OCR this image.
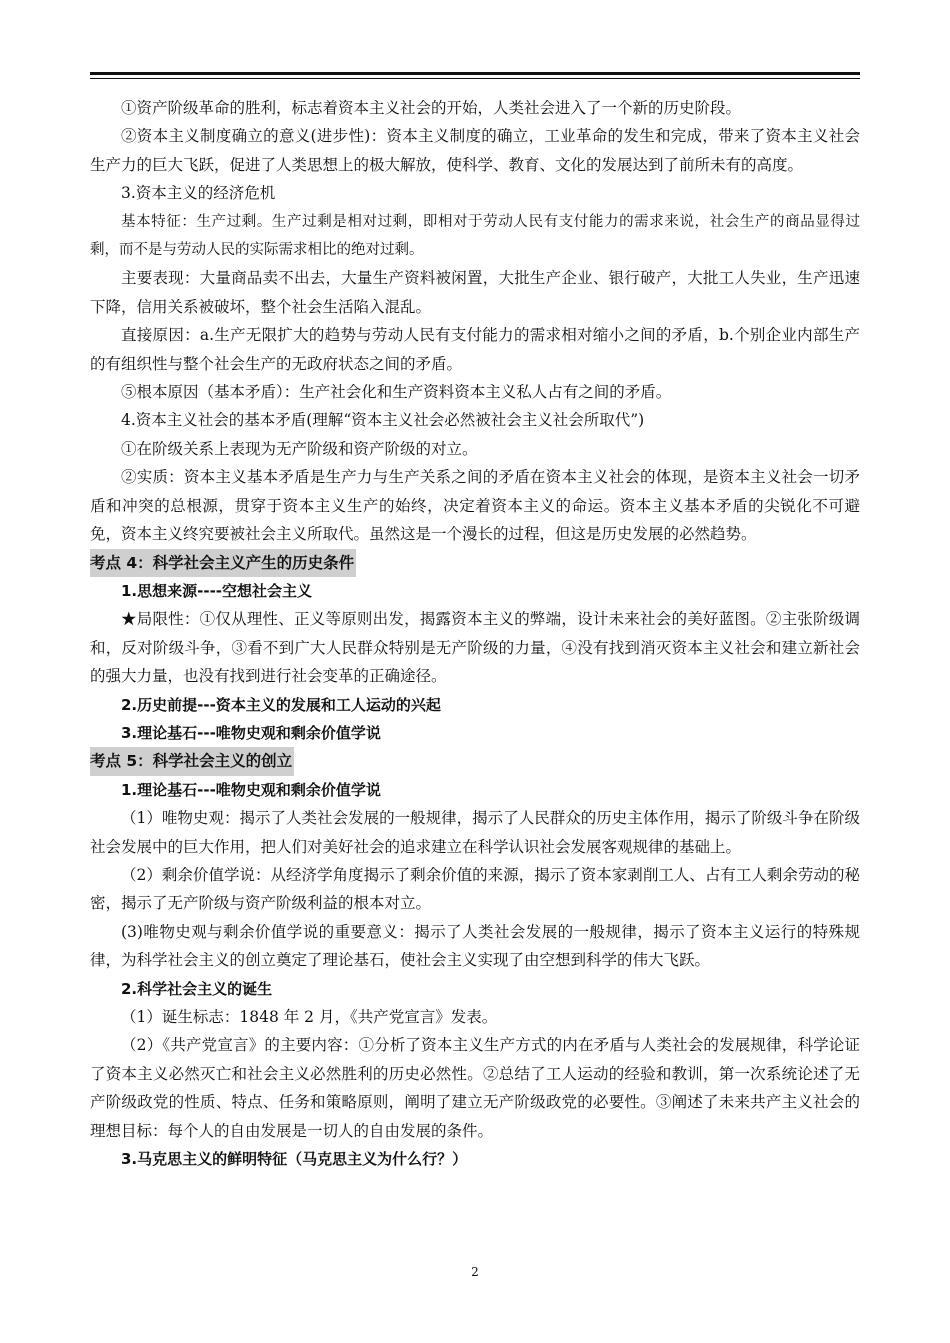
①资产阶级革命的胜利，标志着资本主义社会的开始，人类社会进入了一个新的历史阶段。

②资本主义制度确立的意义(进步性)：资本主义制度的确立，工业革命的发生和完成，带来了资本主义社会生产力的巨大飞跃，促进了人类思想上的极大解放，使科学、教育、文化的发展达到了前所未有的高度。

3.资本主义的经济危机

基本特征：生产过剩。生产过剩是相对过剩，即相对于劳动人民有支付能力的需求来说，社会生产的商品显得过剩，而不是与劳动人民的实际需求相比的绝对过剩。

主要表现：大量商品卖不出去，大量生产资料被闲置，大批生产企业、银行破产，大批工人失业，生产迅速下降，信用关系被破坏，整个社会生活陷入混乱。

直接原因：a.生产无限扩大的趋势与劳动人民有支付能力的需求相对缩小之间的矛盾，b.个别企业内部生产的有组织性与整个社会生产的无政府状态之间的矛盾。

⑤根本原因（基本矛盾）：生产社会化和生产资料资本主义私人占有之间的矛盾。

4.资本主义社会的基本矛盾(理解“资本主义社会必然被社会主义社会所取代”)

①在阶级关系上表现为无产阶级和资产阶级的对立。

②实质：资本主义基本矛盾是生产力与生产关系之间的矛盾在资本主义社会的体现，是资本主义社会一切矛盾和冲突的总根源，贯穿于资本主义生产的始终，决定着资本主义的命运。资本主义基本矛盾的尖锐化不可避免，资本主义终究要被社会主义所取代。虽然这是一个漫长的过程，但这是历史发展的必然趋势。

考点 4：科学社会主义产生的历史条件

1.思想来源----空想社会主义

★局限性：①仅从理性、正义等原则出发，揭露资本主义的弊端，设计未来社会的美好蓝图。②主张阶级调和，反对阶级斗争，③看不到广大人民群众特别是无产阶级的力量，④没有找到消灭资本主义社会和建立新社会的强大力量，也没有找到进行社会变革的正确途径。

2.历史前提---资本主义的发展和工人运动的兴起

3.理论基石---唯物史观和剩余价值学说

考点 5：科学社会主义的创立

1.理论基石---唯物史观和剩余价值学说

（1）唯物史观：揭示了人类社会发展的一般规律，揭示了人民群众的历史主体作用，揭示了阶级斗争在阶级社会发展中的巨大作用，把人们对美好社会的追求建立在科学认识社会发展客观规律的基础上。

（2）剩余价值学说：从经济学角度揭示了剩余价值的来源，揭示了资本家剥削工人、占有工人剩余劳动的秘密，揭示了无产阶级与资产阶级利益的根本对立。

(3)唯物史观与剩余价值学说的重要意义：揭示了人类社会发展的一般规律，揭示了资本主义运行的特殊规律，为科学社会主义的创立奠定了理论基石，使社会主义实现了由空想到科学的伟大飞跃。

2.科学社会主义的诞生

（1）诞生标志：1848 年 2 月，《共产党宣言》发表。

（2）《共产党宣言》的主要内容：①分析了资本主义生产方式的内在矛盾与人类社会的发展规律，科学论证了资本主义必然灭亡和社会主义必然胜利的历史必然性。②总结了工人运动的经验和教训，第一次系统论述了无产阶级政党的性质、特点、任务和策略原则，阐明了建立无产阶级政党的必要性。③阐述了未来共产主义社会的理想目标：每个人的自由发展是一切人的自由发展的条件。

3.马克思主义的鲜明特征（马克思主义为什么行？）

2
